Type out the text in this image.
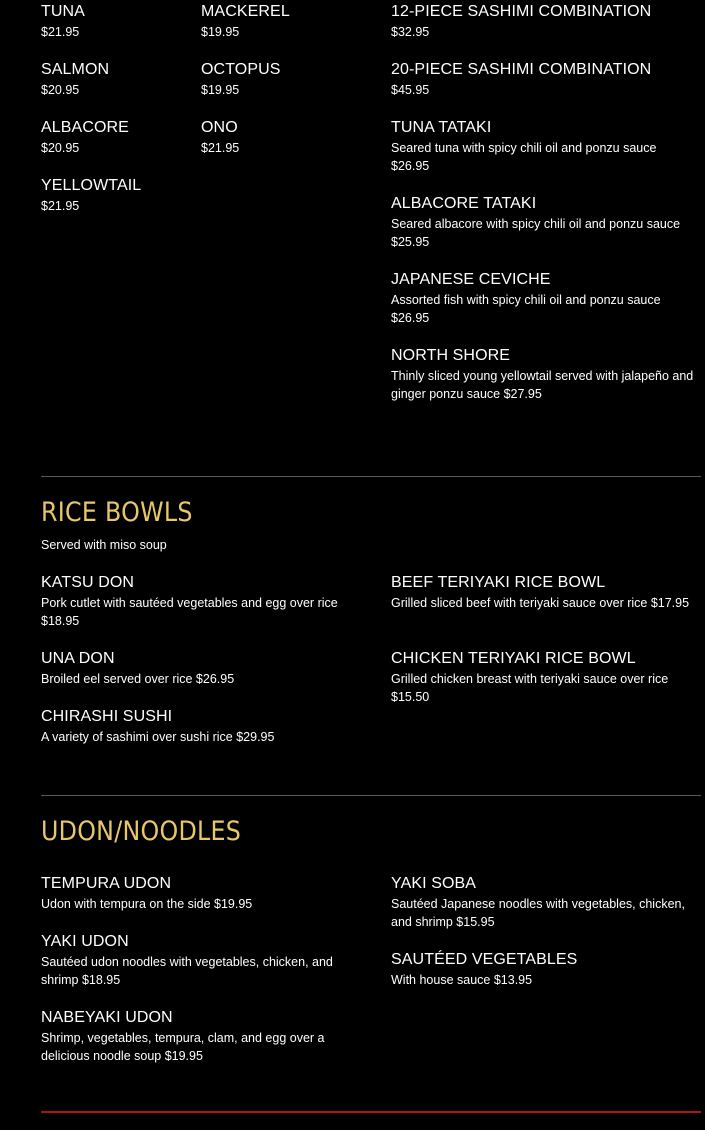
TUNA
$21.95
SALMON
$20.95
ALBACORE
$20.95
YELLOWTAIL
$21.95
MACKEREL
$19.95
OCTOPUS
$19.95
ONO
$21.95
12-PIECE SASHIMI COMBINATION
$32.95
20-PIECE SASHIMI COMBINATION
$45.95
TUNA TATAKI
Seared tuna with spicy chili oil and ponzu sauce
$26.95
ALBACORE TATAKI
Seared albacore with spicy chili oil and ponzu sauce
$25.95
JAPANESE CEVICHE
Assorted fish with spicy chili oil and ponzu sauce
$26.95
NORTH SHORE
Thinly sliced young yellowtail served with jalapeño and ginger ponzu sauce $27.95
RICE BOWLS
Served with miso soup
KATSU DON
Pork cutlet with sautéed vegetables and egg over rice $18.95
UNA DON
Broiled eel served over rice $26.95
CHIRASHI SUSHI
A variety of sashimi over sushi rice $29.95
BEEF TERIYAKI RICE BOWL
Grilled sliced beef with teriyaki sauce over rice $17.95
CHICKEN TERIYAKI RICE BOWL
Grilled chicken breast with teriyaki sauce over rice $15.50
UDON/NOODLES
TEMPURA UDON
Udon with tempura on the side $19.95
YAKI UDON
Sautéed udon noodles with vegetables, chicken, and shrimp $18.95
NABEYAKI UDON
Shrimp, vegetables, tempura, clam, and egg over a delicious noodle soup $19.95
YAKI SOBA
Sautéed Japanese noodles with vegetables, chicken, and shrimp $15.95
SAUTÉED VEGETABLES
With house sauce $13.95
